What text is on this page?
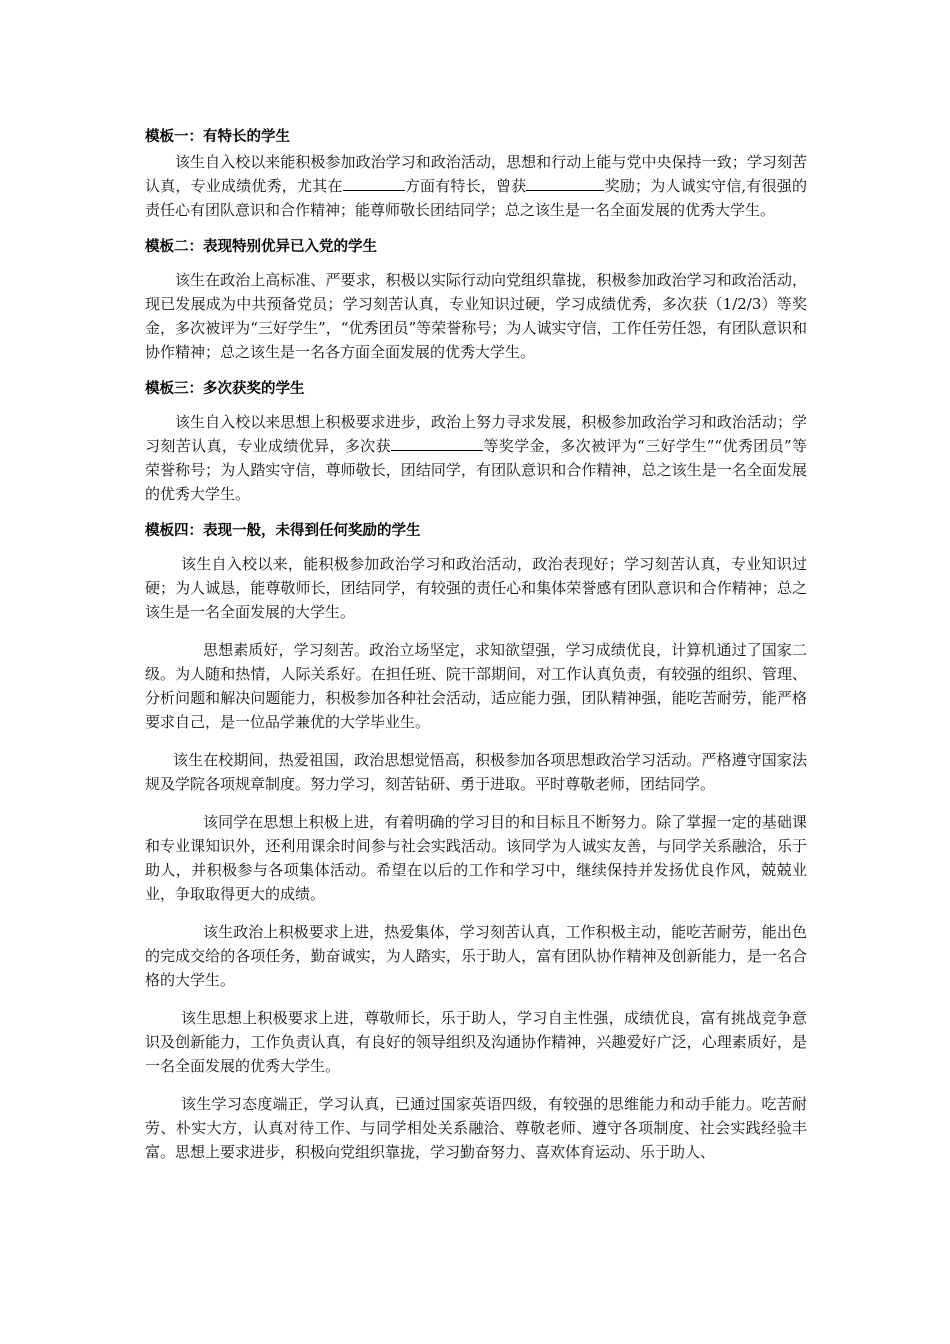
模板一：有特长的学生

该生自入校以来能积极参加政治学习和政治活动，思想和行动上能与党中央保持一致；学习刻苦认真，专业成绩优秀，尤其在	方面有特长，曾获	奖励；为人诚实守信,有很强的责任心有团队意识和合作精神；能尊师敬长团结同学；总之该生是一名全面发展的优秀大学生。

模板二：表现特别优异已入党的学生

该生在政治上高标准、严要求，积极以实际行动向党组织靠拢，积极参加政治学习和政治活动，现已发展成为中共预备党员；学习刻苦认真，专业知识过硬，学习成绩优秀，多次获（1/2/3）等奖金，多次被评为“三好学生”，“优秀团员”等荣誉称号；为人诚实守信，工作任劳任怨，有团队意识和协作精神；总之该生是一名各方面全面发展的优秀大学生。

模板三：多次获奖的学生

该生自入校以来思想上积极要求进步，政治上努力寻求发展，积极参加政治学习和政治活动；学习刻苦认真，专业成绩优异，多次获	等奖学金，多次被评为“三好学生”“优秀团员”等荣誉称号；为人踏实守信，尊师敬长，团结同学，有团队意识和合作精神，总之该生是一名全面发展的优秀大学生。

模板四：表现一般，未得到任何奖励的学生

该生自入校以来，能积极参加政治学习和政治活动，政治表现好；学习刻苦认真，专业知识过硬；为人诚恳，能尊敬师长，团结同学，有较强的责任心和集体荣誉感有团队意识和合作精神；总之该生是一名全面发展的大学生。

思想素质好，学习刻苦。政治立场坚定，求知欲望强，学习成绩优良，计算机通过了国家二级。为人随和热情，人际关系好。在担任班、院干部期间，对工作认真负责，有较强的组织、管理、分析问题和解决问题能力，积极参加各种社会活动，适应能力强，团队精神强，能吃苦耐劳，能严格要求自己，是一位品学兼优的大学毕业生。

该生在校期间，热爱祖国，政治思想觉悟高，积极参加各项思想政治学习活动。严格遵守国家法规及学院各项规章制度。努力学习，刻苦钻研、勇于进取。平时尊敬老师，团结同学。

该同学在思想上积极上进，有着明确的学习目的和目标且不断努力。除了掌握一定的基础课和专业课知识外，还利用课余时间参与社会实践活动。该同学为人诚实友善，与同学关系融洽，乐于助人，并积极参与各项集体活动。希望在以后的工作和学习中，继续保持并发扬优良作风，兢兢业业，争取取得更大的成绩。

该生政治上积极要求上进，热爱集体，学习刻苦认真，工作积极主动，能吃苦耐劳，能出色的完成交给的各项任务，勤奋诚实，为人踏实，乐于助人，富有团队协作精神及创新能力，是一名合格的大学生。

该生思想上积极要求上进，尊敬师长，乐于助人，学习自主性强，成绩优良，富有挑战竞争意识及创新能力，工作负责认真，有良好的领导组织及沟通协作精神，兴趣爱好广泛，心理素质好，是一名全面发展的优秀大学生。

该生学习态度端正，学习认真，已通过国家英语四级，有较强的思维能力和动手能力。吃苦耐劳、朴实大方，认真对待工作、与同学相处关系融洽、尊敬老师、遵守各项制度、社会实践经验丰富。思想上要求进步，积极向党组织靠拢，学习勤奋努力、喜欢体育运动、乐于助人、
